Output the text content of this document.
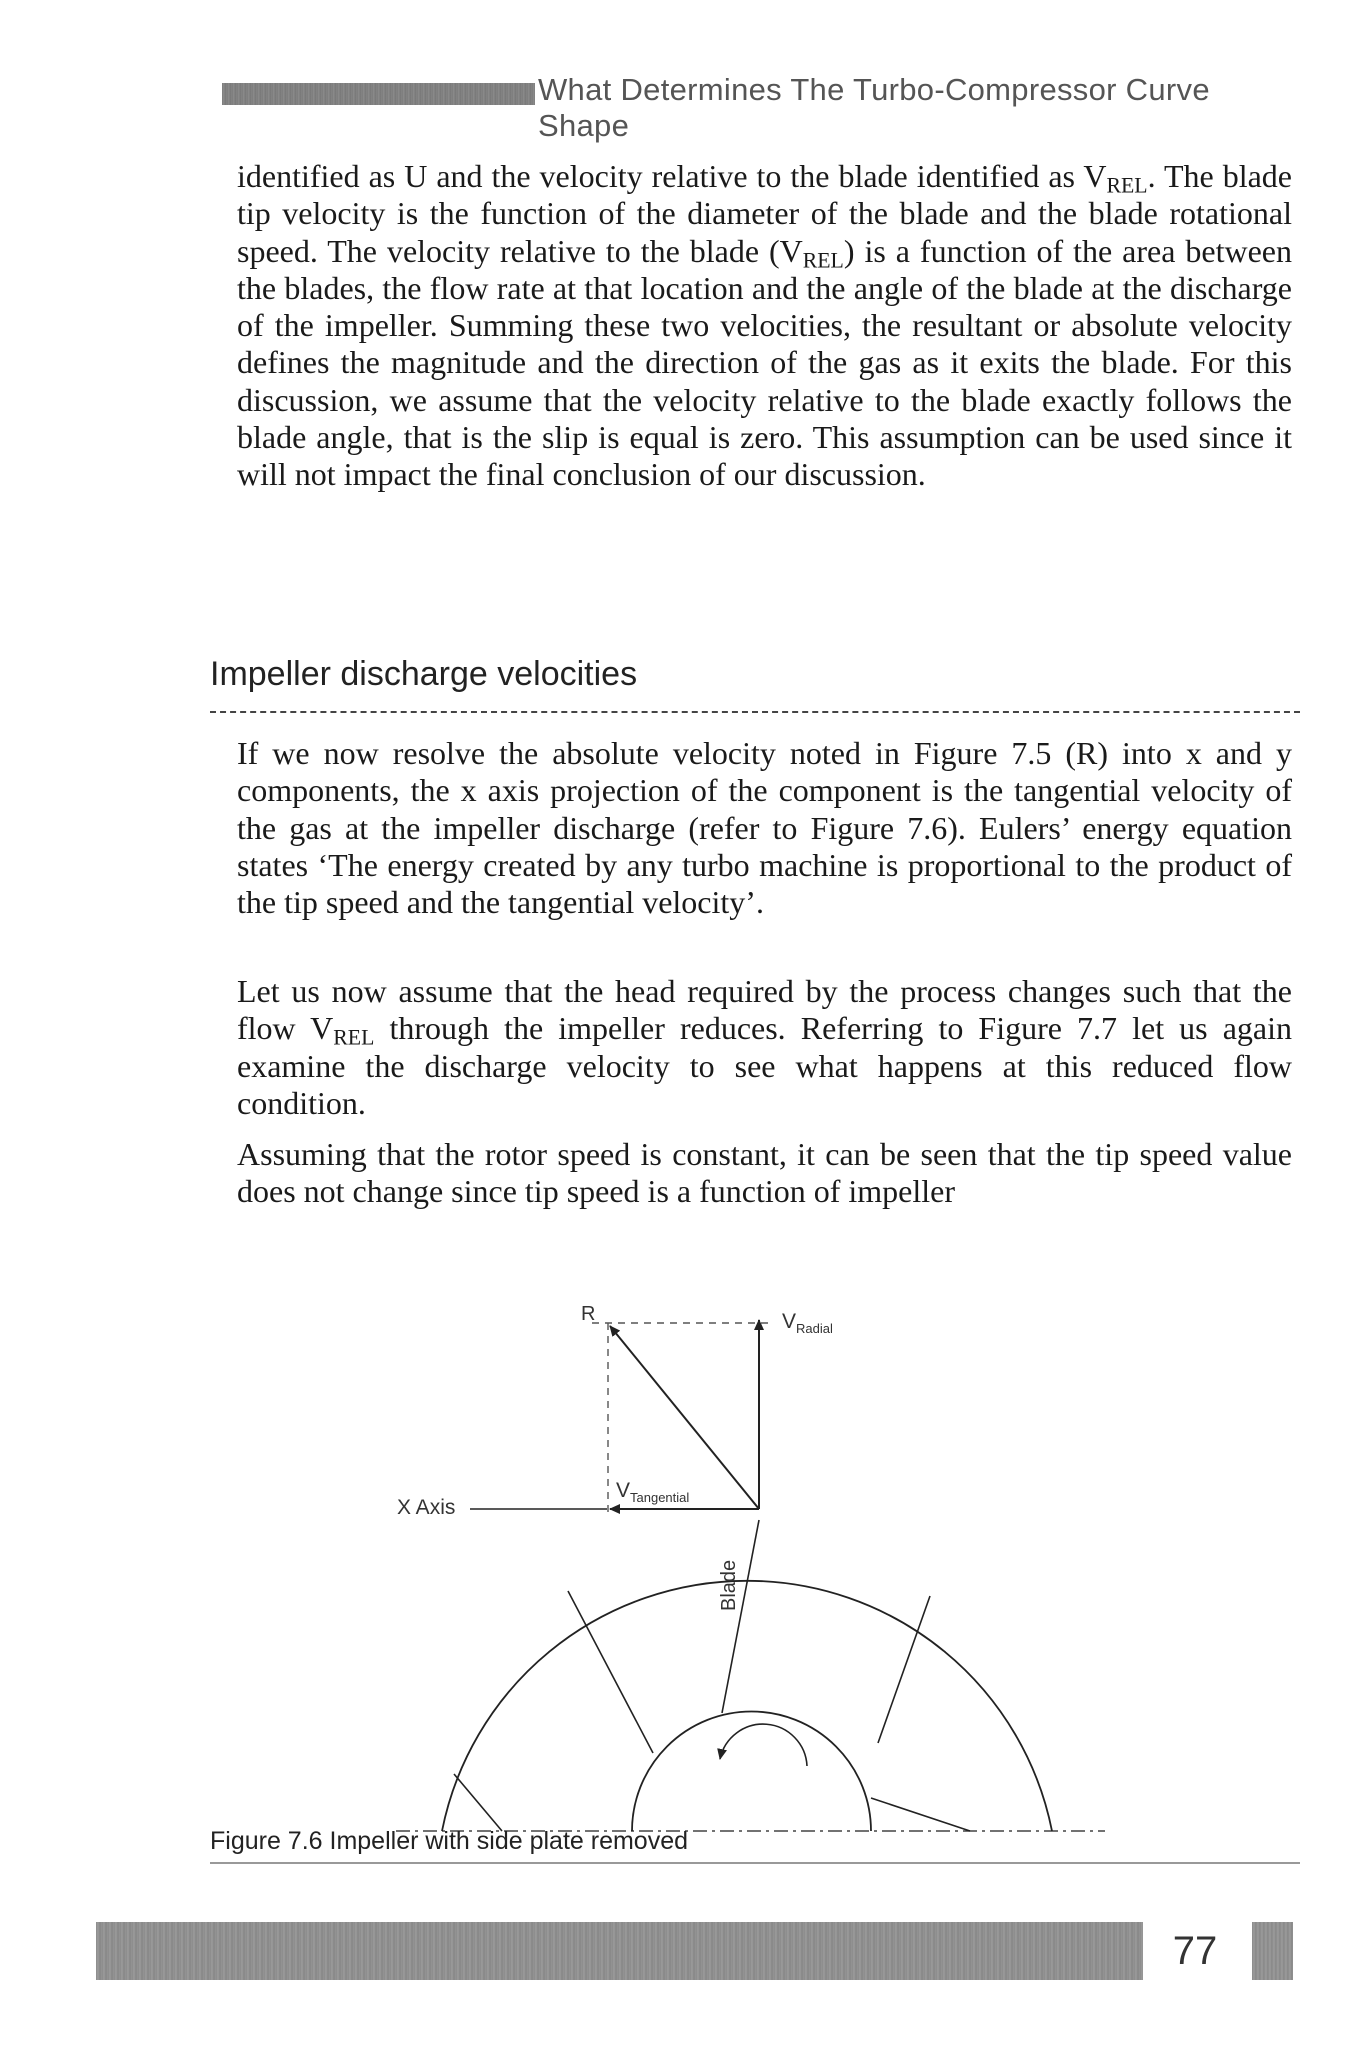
What Determines The Turbo-Compressor Curve Shape

identified as U and the velocity relative to the blade identified as $V_{REL}$. The blade tip velocity is the function of the diameter of the blade and the blade rotational speed. The velocity relative to the blade $(V_{REL})$ is a function of the area between the blades, the flow rate at that location and the angle of the blade at the discharge of the impeller. Summing these two velocities, the resultant or absolute velocity defines the magnitude and the direction of the gas as it exits the blade. For this discussion, we assume that the velocity relative to the blade exactly follows the blade angle, that is the slip is equal is zero. This assumption can be used since it will not impact the final conclusion of our discussion.

Impeller discharge velocities

If we now resolve the absolute velocity noted in Figure 7.5 (R) into x and y components, the x axis projection of the component is the tangential velocity of the gas at the impeller discharge (refer to Figure 7.6). Eulers’ energy equation states ‘The energy created by any turbo machine is proportional to the product of the tip speed and the tangential velocity’.

Let us now assume that the head required by the process changes such that the flow $V_{REL}$ through the impeller reduces. Referring to Figure 7.7 let us again examine the discharge velocity to see what happens at this reduced flow condition.

Assuming that the rotor speed is constant, it can be seen that the tip speed value does not change since tip speed is a function of impeller

R	$V_{Radial}$
$V_{Tangential}$
X Axis
Blade
Figure 7.6 Impeller with side plate removed
77
